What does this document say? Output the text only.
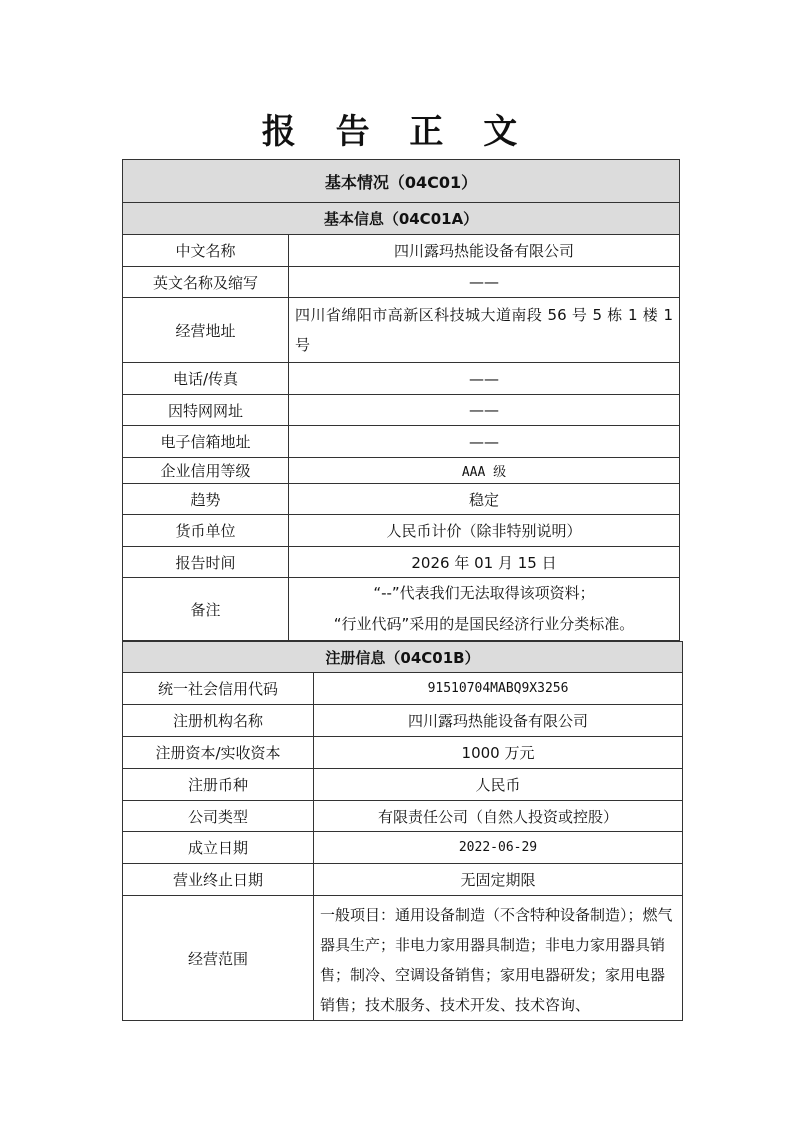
报 告 正 文
基本情况（04C01）	
基本信息（04C01A）	
中文名称	四川露玛热能设备有限公司
英文名称及缩写	——
经营地址	四川省绵阳市高新区科技城大道南段 56 号 5 栋 1 楼 1 号
电话/传真	——
因特网网址	——
电子信箱地址	——
企业信用等级	AAA 级
趋势	稳定
货币单位	人民币计价（除非特别说明）
报告时间	2026 年 01 月 15 日
备注	“--”代表我们无法取得该项资料；
“行业代码”采用的是国民经济行业分类标准。
注册信息（04C01B）	
统一社会信用代码	91510704MABQ9X3256
注册机构名称	四川露玛热能设备有限公司
注册资本/实收资本	1000 万元
注册币种	人民币
公司类型	有限责任公司（自然人投资或控股）
成立日期	2022-06-29
营业终止日期	无固定期限
经营范围	一般项目：通用设备制造（不含特种设备制造）；燃气器具生产；非电力家用器具制造；非电力家用器具销售；制冷、空调设备销售；家用电器研发；家用电器销售；技术服务、技术开发、技术咨询、
